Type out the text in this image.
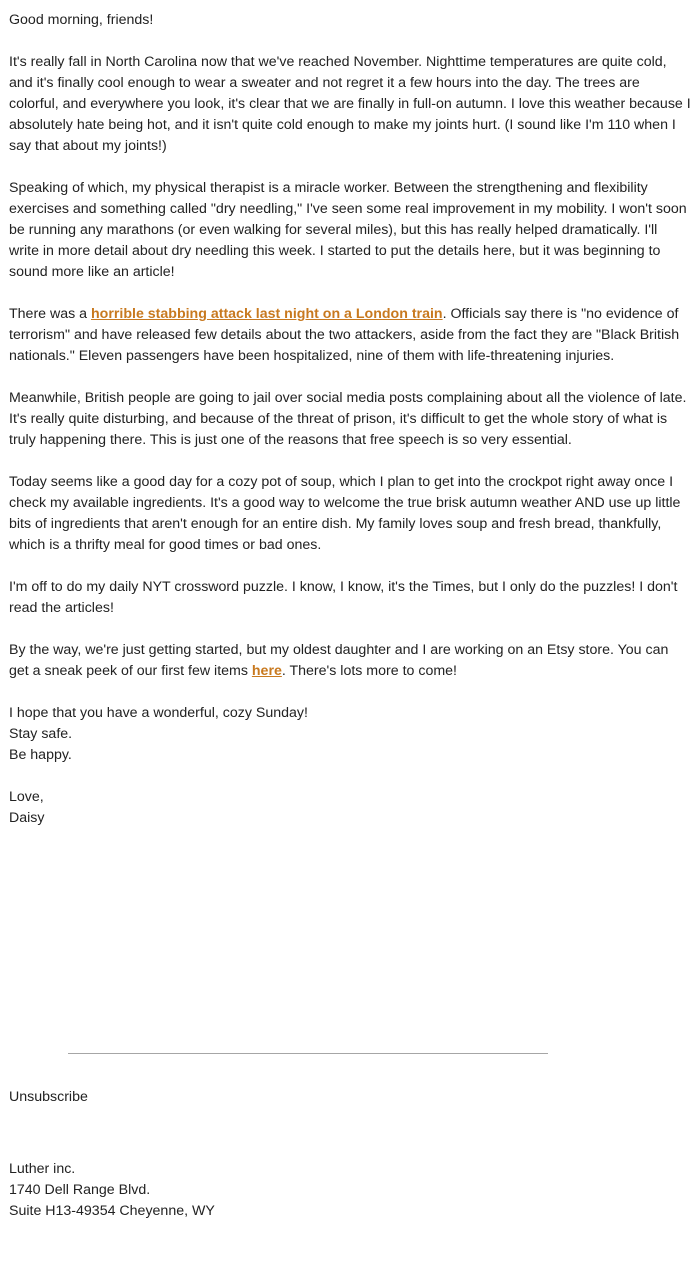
Good morning, friends!

It's really fall in North Carolina now that we've reached November. Nighttime temperatures are quite cold, and it's finally cool enough to wear a sweater and not regret it a few hours into the day. The trees are colorful, and everywhere you look, it's clear that we are finally in full-on autumn. I love this weather because I absolutely hate being hot, and it isn't quite cold enough to make my joints hurt. (I sound like I'm 110 when I say that about my joints!)

Speaking of which, my physical therapist is a miracle worker. Between the strengthening and flexibility exercises and something called "dry needling," I've seen some real improvement in my mobility. I won't soon be running any marathons (or even walking for several miles), but this has really helped dramatically. I'll write in more detail about dry needling this week. I started to put the details here, but it was beginning to sound more like an article!

There was a horrible stabbing attack last night on a London train. Officials say there is "no evidence of terrorism" and have released few details about the two attackers, aside from the fact they are "Black British nationals." Eleven passengers have been hospitalized, nine of them with life-threatening injuries.

Meanwhile, British people are going to jail over social media posts complaining about all the violence of late. It's really quite disturbing, and because of the threat of prison, it's difficult to get the whole story of what is truly happening there. This is just one of the reasons that free speech is so very essential.

Today seems like a good day for a cozy pot of soup, which I plan to get into the crockpot right away once I check my available ingredients. It's a good way to welcome the true brisk autumn weather AND use up little bits of ingredients that aren't enough for an entire dish. My family loves soup and fresh bread, thankfully, which is a thrifty meal for good times or bad ones.

I'm off to do my daily NYT crossword puzzle. I know, I know, it's the Times, but I only do the puzzles! I don't read the articles!

By the way, we're just getting started, but my oldest daughter and I are working on an Etsy store. You can get a sneak peek of our first few items here. There's lots more to come!

I hope that you have a wonderful, cozy Sunday!

Stay safe.
Be happy.
Love,
Daisy
Unsubscribe
Luther inc.
1740 Dell Range Blvd.
Suite H13-49354 Cheyenne, WY
